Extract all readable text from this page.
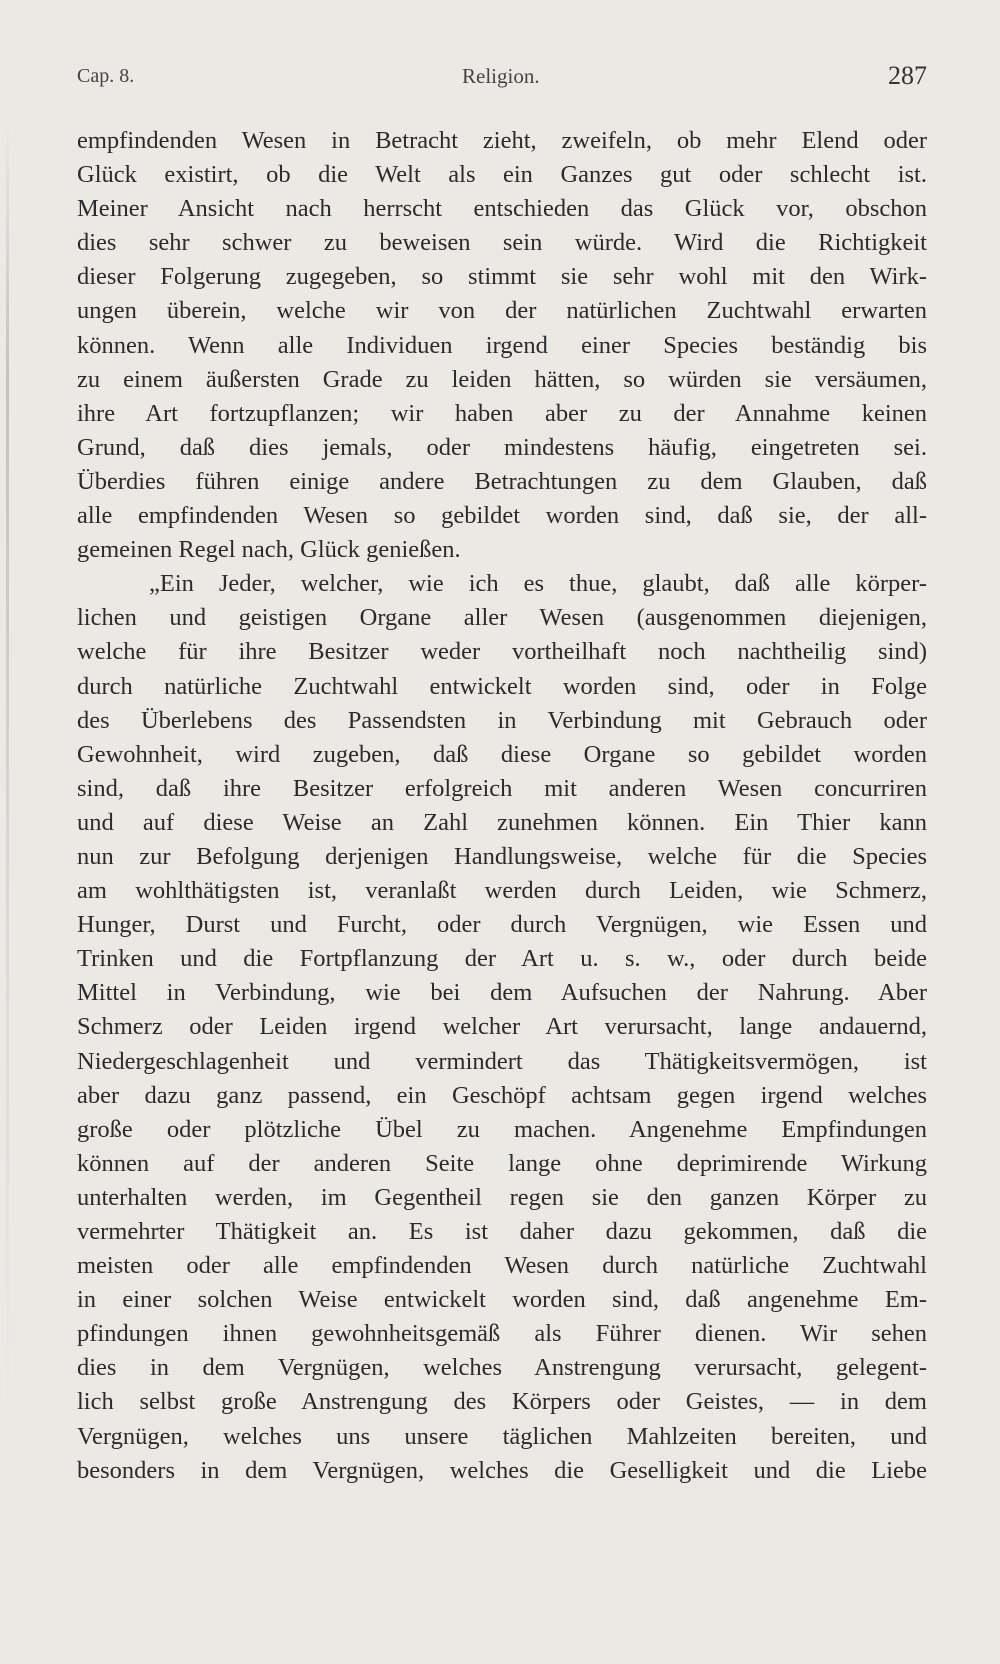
Cap. 8.	Religion.	287
empfindenden Wesen in Betracht zieht, zweifeln, ob mehr Elend oder
Glück existirt, ob die Welt als ein Ganzes gut oder schlecht ist.
Meiner Ansicht nach herrscht entschieden das Glück vor, obschon
dies sehr schwer zu beweisen sein würde. Wird die Richtigkeit
dieser Folgerung zugegeben, so stimmt sie sehr wohl mit den Wirk-
ungen überein, welche wir von der natürlichen Zuchtwahl erwarten
können. Wenn alle Individuen irgend einer Species beständig bis
zu einem äußersten Grade zu leiden hätten, so würden sie versäumen,
ihre Art fortzupflanzen; wir haben aber zu der Annahme keinen
Grund, daß dies jemals, oder mindestens häufig, eingetreten sei.
Überdies führen einige andere Betrachtungen zu dem Glauben, daß
alle empfindenden Wesen so gebildet worden sind, daß sie, der all-
gemeinen Regel nach, Glück genießen.
„Ein Jeder, welcher, wie ich es thue, glaubt, daß alle körper-
lichen und geistigen Organe aller Wesen (ausgenommen diejenigen,
welche für ihre Besitzer weder vortheilhaft noch nachtheilig sind)
durch natürliche Zuchtwahl entwickelt worden sind, oder in Folge
des Überlebens des Passendsten in Verbindung mit Gebrauch oder
Gewohnheit, wird zugeben, daß diese Organe so gebildet worden
sind, daß ihre Besitzer erfolgreich mit anderen Wesen concurriren
und auf diese Weise an Zahl zunehmen können. Ein Thier kann
nun zur Befolgung derjenigen Handlungsweise, welche für die Species
am wohlthätigsten ist, veranlaßt werden durch Leiden, wie Schmerz,
Hunger, Durst und Furcht, oder durch Vergnügen, wie Essen und
Trinken und die Fortpflanzung der Art u. s. w., oder durch beide
Mittel in Verbindung, wie bei dem Aufsuchen der Nahrung. Aber
Schmerz oder Leiden irgend welcher Art verursacht, lange andauernd,
Niedergeschlagenheit und vermindert das Thätigkeitsvermögen, ist
aber dazu ganz passend, ein Geschöpf achtsam gegen irgend welches
große oder plötzliche Übel zu machen. Angenehme Empfindungen
können auf der anderen Seite lange ohne deprimirende Wirkung
unterhalten werden, im Gegentheil regen sie den ganzen Körper zu
vermehrter Thätigkeit an. Es ist daher dazu gekommen, daß die
meisten oder alle empfindenden Wesen durch natürliche Zuchtwahl
in einer solchen Weise entwickelt worden sind, daß angenehme Em-
pfindungen ihnen gewohnheitsgemäß als Führer dienen. Wir sehen
dies in dem Vergnügen, welches Anstrengung verursacht, gelegent-
lich selbst große Anstrengung des Körpers oder Geistes, — in dem
Vergnügen, welches uns unsere täglichen Mahlzeiten bereiten, und
besonders in dem Vergnügen, welches die Geselligkeit und die Liebe
